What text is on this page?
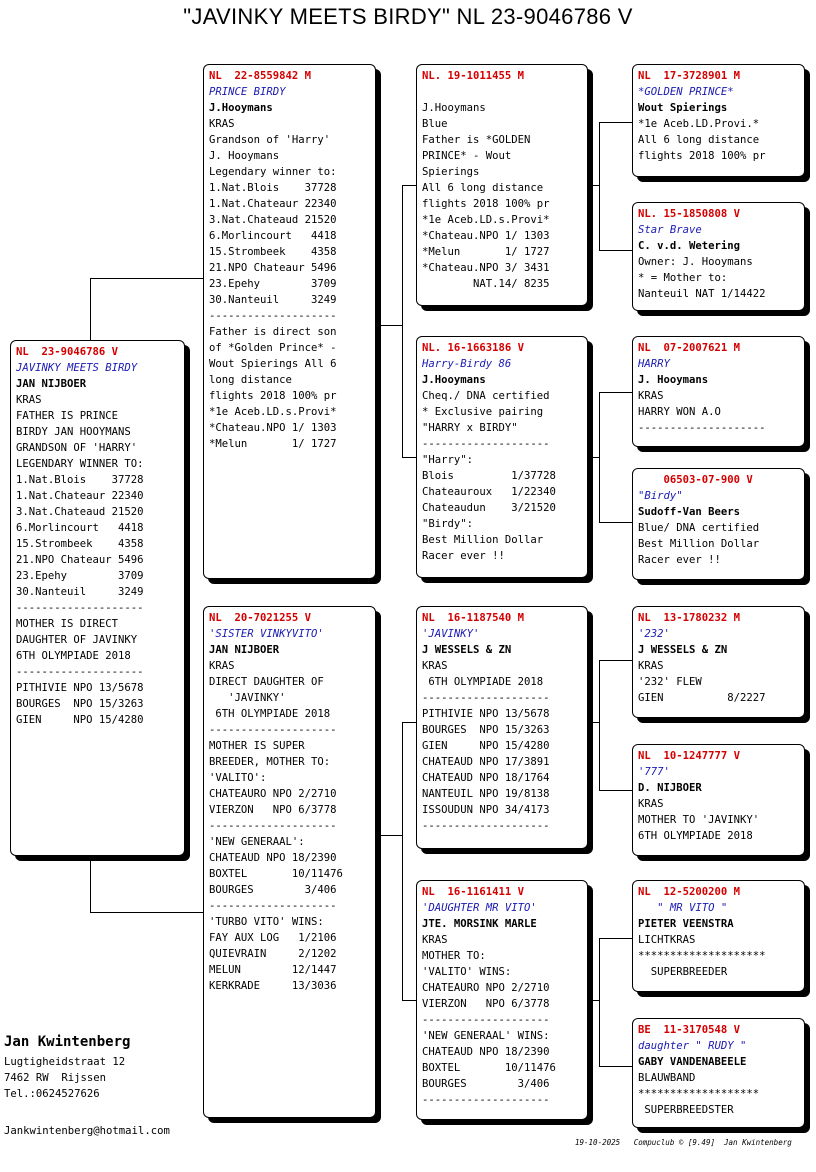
"JAVINKY MEETS BIRDY" NL 23-9046786 V
NL  23-9046786 V
JAVINKY MEETS BIRDY
JAN NIJBOER
KRAS
FATHER IS PRINCE
BIRDY JAN HOOYMANS
GRANDSON OF 'HARRY'
LEGENDARY WINNER TO:
1.Nat.Blois    37728
1.Nat.Chateaur 22340
3.Nat.Chateaud 21520
6.Morlincourt   4418
15.Strombeek    4358
21.NPO Chateaur 5496
23.Epehy        3709
30.Nanteuil     3249
--------------------
MOTHER IS DIRECT
DAUGHTER OF JAVINKY
6TH OLYMPIADE 2018
--------------------
PITHIVIE NPO 13/5678
BOURGES  NPO 15/3263
GIEN     NPO 15/4280
NL  22-8559842 M
PRINCE BIRDY
J.Hooymans
KRAS
Grandson of 'Harry'
J. Hooymans
Legendary winner to:
1.Nat.Blois    37728
1.Nat.Chateaur 22340
3.Nat.Chateaud 21520
6.Morlincourt   4418
15.Strombeek    4358
21.NPO Chateaur 5496
23.Epehy        3709
30.Nanteuil     3249
--------------------
Father is direct son
of *Golden Prince* -
Wout Spierings All 6
long distance
flights 2018 100% pr
*1e Aceb.LD.s.Provi*
*Chateau.NPO 1/ 1303
*Melun       1/ 1727
NL  20-7021255 V
'SISTER VINKYVITO'
JAN NIJBOER
KRAS
DIRECT DAUGHTER OF
'JAVINKY'
6TH OLYMPIADE 2018
--------------------
MOTHER IS SUPER
BREEDER, MOTHER TO:
'VALITO':
CHATEAURO NPO 2/2710
VIERZON   NPO 6/3778
--------------------
'NEW GENERAAL':
CHATEAUD NPO 18/2390
BOXTEL       10/11476
BOURGES        3/406
--------------------
'TURBO VITO' WINS:
FAY AUX LOG   1/2106
QUIEVRAIN     2/1202
MELUN        12/1447
KERKRADE     13/3036
NL. 19-1011455 M

J.Hooymans
Blue
Father is *GOLDEN
PRINCE* - Wout
Spierings
All 6 long distance
flights 2018 100% pr
*1e Aceb.LD.s.Provi*
*Chateau.NPO 1/ 1303
*Melun       1/ 1727
*Chateau.NPO 3/ 3431
NAT.14/ 8235
NL. 16-1663186 V
Harry-Birdy 86
J.Hooymans
Cheq./ DNA certified
* Exclusive pairing
"HARRY x BIRDY"
--------------------
"Harry":
Blois         1/37728
Chateauroux   1/22340
Chateaudun    3/21520
"Birdy":
Best Million Dollar
Racer ever !!
NL  16-1187540 M
'JAVINKY'
J WESSELS & ZN
KRAS
6TH OLYMPIADE 2018
--------------------
PITHIVIE NPO 13/5678
BOURGES  NPO 15/3263
GIEN     NPO 15/4280
CHATEAUD NPO 17/3891
CHATEAUD NPO 18/1764
NANTEUIL NPO 19/8138
ISSOUDUN NPO 34/4173
--------------------
NL  16-1161411 V
'DAUGHTER MR VITO'
JTE. MORSINK MARLE
KRAS
MOTHER TO:
'VALITO' WINS:
CHATEAURO NPO 2/2710
VIERZON   NPO 6/3778
--------------------
'NEW GENERAAL' WINS:
CHATEAUD NPO 18/2390
BOXTEL       10/11476
BOURGES        3/406
--------------------
NL  17-3728901 M
*GOLDEN PRINCE*
Wout Spierings
*1e Aceb.LD.Provi.*
All 6 long distance
flights 2018 100% pr
NL. 15-1850808 V
Star Brave
C. v.d. Wetering
Owner: J. Hooymans
* = Mother to:
Nanteuil NAT 1/14422
NL  07-2007621 M
HARRY
J. Hooymans
KRAS
HARRY WON A.O
--------------------
06503-07-900 V
"Birdy"
Sudoff-Van Beers
Blue/ DNA certified
Best Million Dollar
Racer ever !!
NL  13-1780232 M
'232'
J WESSELS & ZN
KRAS
'232' FLEW
GIEN          8/2227
NL  10-1247777 V
'777'
D. NIJBOER
KRAS
MOTHER TO 'JAVINKY'
6TH OLYMPIADE 2018
NL  12-5200200 M
" MR VITO "
PIETER VEENSTRA
LICHTKRAS
********************
SUPERBREEDER
BE  11-3170548 V
daughter " RUDY "
GABY VANDENABEELE
BLAUWBAND
*******************
SUPERBREEDSTER
Jan Kwintenberg
Lugtigheidstraat 12
7462 RW  Rijssen
Tel.:0624527626
Jankwintenberg@hotmail.com
19-10-2025   Compuclub © [9.49]  Jan Kwintenberg
